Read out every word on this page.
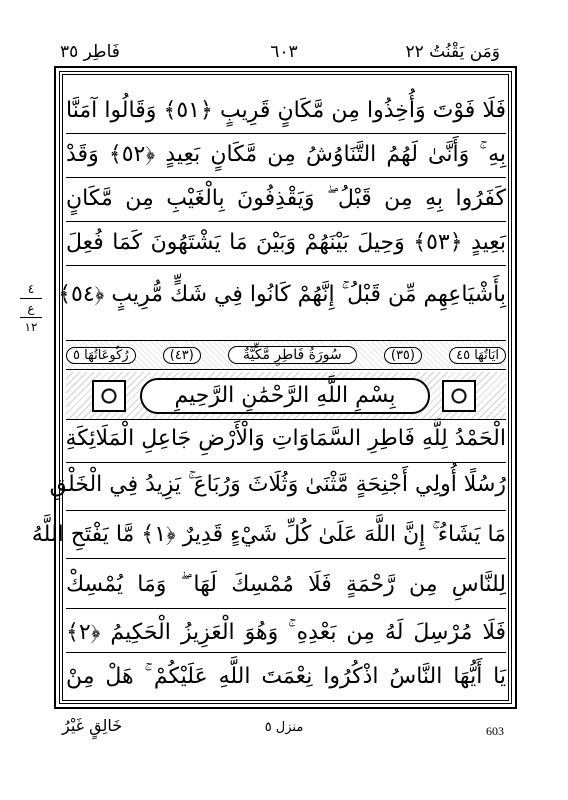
وَمَن يَقْنُتُ ٢٢
٦٠٣
فَاطِر ٣٥
٤
ع
١٢
فَلَا فَوْتَ وَأُخِذُوا مِن مَّكَانٍ قَرِيبٍ ﴿٥١﴾ وَقَالُوا آمَنَّا
بِهِ ۚ وَأَنَّىٰ لَهُمُ التَّنَاوُشُ مِن مَّكَانٍ بَعِيدٍ ﴿٥٢﴾ وَقَدْ
كَفَرُوا بِهِ مِن قَبْلُ ۖ وَيَقْذِفُونَ بِالْغَيْبِ مِن مَّكَانٍ
بَعِيدٍ ﴿٥٣﴾ وَحِيلَ بَيْنَهُمْ وَبَيْنَ مَا يَشْتَهُونَ كَمَا فُعِلَ
بِأَشْيَاعِهِم مِّن قَبْلُ ۚ إِنَّهُمْ كَانُوا فِي شَكٍّ مُّرِيبٍ ﴿٥٤﴾
آيَاتُهَا ٤٥
(٣٥)
سُورَةُ فَاطِرٍ مَّكِّيَّةٌ
(٤٣)
رُكُوعَاتُهَا ٥
بِسْمِ اللَّهِ الرَّحْمَٰنِ الرَّحِيمِ
الْحَمْدُ لِلَّهِ فَاطِرِ السَّمَاوَاتِ وَالْأَرْضِ جَاعِلِ الْمَلَائِكَةِ
رُسُلًا أُولِي أَجْنِحَةٍ مَّثْنَىٰ وَثُلَاثَ وَرُبَاعَ ۚ يَزِيدُ فِي الْخَلْقِ
مَا يَشَاءُ ۚ إِنَّ اللَّهَ عَلَىٰ كُلِّ شَيْءٍ قَدِيرٌ ﴿١﴾ مَّا يَفْتَحِ اللَّهُ
لِلنَّاسِ مِن رَّحْمَةٍ فَلَا مُمْسِكَ لَهَا ۖ وَمَا يُمْسِكْ
فَلَا مُرْسِلَ لَهُ مِن بَعْدِهِ ۚ وَهُوَ الْعَزِيزُ الْحَكِيمُ ﴿٢﴾
يَا أَيُّهَا النَّاسُ اذْكُرُوا نِعْمَتَ اللَّهِ عَلَيْكُمْ ۚ هَلْ مِنْ
خَالِقٍ غَيْرُ	منزل ٥	603
